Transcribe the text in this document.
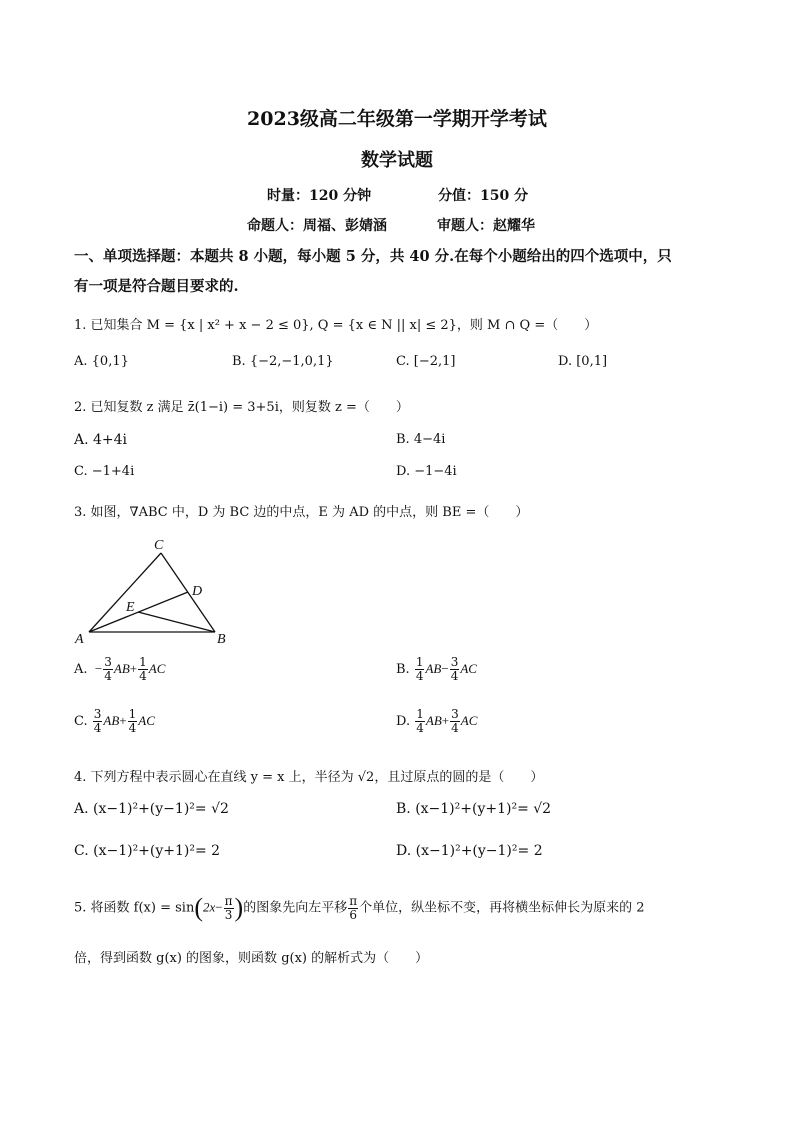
2023级高二年级第一学期开学考试
数学试题
时量：120 分钟	分值：150 分
命题人：周福、彭婧涵	审题人：赵耀华
一、单项选择题：本题共 8 小题，每小题 5 分，共 40 分.在每个小题给出的四个选项中，只
有一项是符合题目要求的.
1. 已知集合 M = {x | x² + x − 2 ≤ 0}, Q = {x ∈ N || x| ≤ 2}，则 M ∩ Q =（　　）
A. {0,1}	B. {−2,−1,0,1}	C. [−2,1]	D. [0,1]
2. 已知复数 z 满足 z̄(1−i) = 3+5i，则复数 z =（　　）
A. 4+4i	B. 4−4i
C. −1+4i	D. −1−4i
3. 如图，∇ABC 中，D 为 BC 边的中点，E 为 AD 的中点，则 BE =（　　）
A	B
C
D
E
A.  − $\frac{3}{4} AB+ \frac{1}{4}$ AC	B. $\frac{1}{4} AB- \frac{3}{4}$ AC
C. $\frac{3}{4} AB+ \frac{1}{4}$ AC	D. $\frac{1}{4} AB+ \frac{3}{4}$ AC
4. 下列方程中表示圆心在直线 y = x 上，半径为 √2，且过原点的圆的是（　　）
A. (x−1)²+(y−1)²= √2	B. (x−1)²+(y+1)²= √2
C. (x−1)²+(y+1)²= 2	D. (x−1)²+(y−1)²= 2
5. 将函数 $f(x) = \sin(2x- \frac{\pi}{3}$ )的图象先向左平移 $\frac{\pi}{6}$ 个单位，纵坐标不变，再将横坐标伸长为原来的 2
倍，得到函数 g(x) 的图象，则函数 g(x) 的解析式为（　　）
